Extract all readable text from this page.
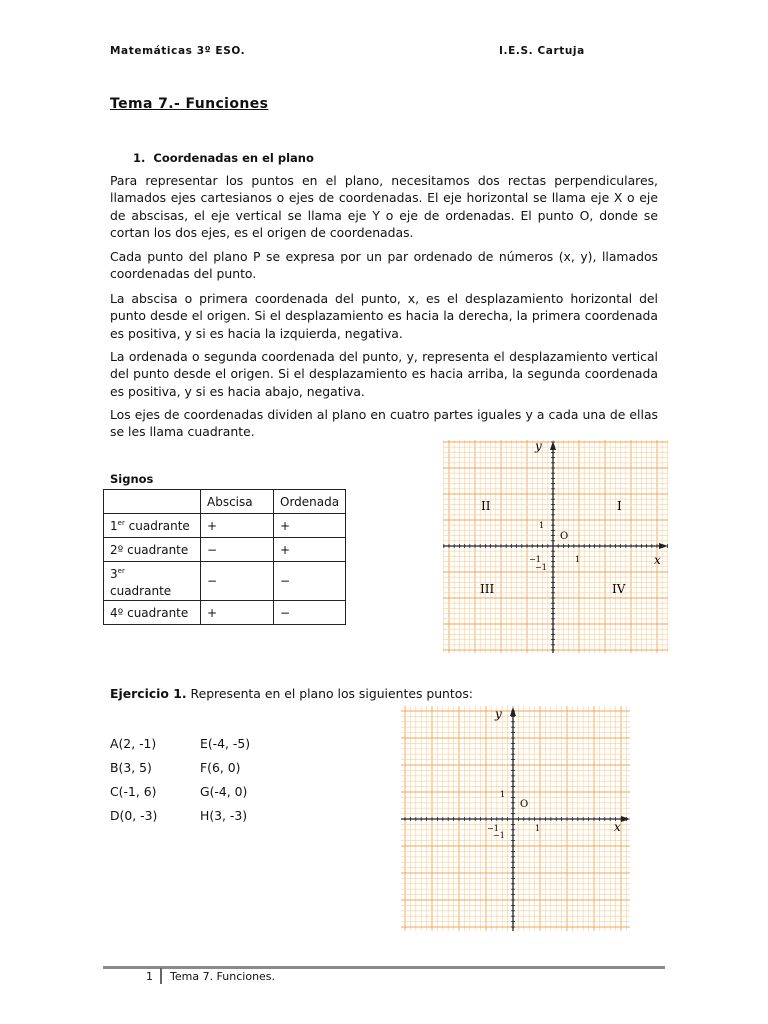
Matemáticas 3º ESO.	I.E.S. Cartuja
Tema 7.- Funciones
1. Coordenadas en el plano
Para representar los puntos en el plano, necesitamos dos rectas perpendiculares, llamados ejes cartesianos o ejes de coordenadas. El eje horizontal se llama eje X o eje de abscisas, el eje vertical se llama eje Y o eje de ordenadas. El punto O, donde se cortan los dos ejes, es el origen de coordenadas.
Cada punto del plano P se expresa por un par ordenado de números (x, y), llamados coordenadas del punto.
La abscisa o primera coordenada del punto, x, es el desplazamiento horizontal del punto desde el origen. Si el desplazamiento es hacia la derecha, la primera coordenada es positiva, y si es hacia la izquierda, negativa.
La ordenada o segunda coordenada del punto, y, representa el desplazamiento vertical del punto desde el origen. Si el desplazamiento es hacia arriba, la segunda coordenada es positiva, y si es hacia abajo, negativa.
Los ejes de coordenadas dividen al plano en cuatro partes iguales y a cada una de ellas se les llama cuadrante.
Signos
	Abscisa	Ordenada
1er cuadrante	+	+
2º cuadrante	−	+
3er
cuadrante	−	−
4º cuadrante	+	−
y
x
O
1
1
−1
−1
I
II
III	IV
Ejercicio 1. Representa en el plano los siguientes puntos:
A(2, -1)
B(3, 5)
C(-1, 6)
D(0, -3)
E(-4, -5)
F(6, 0)
G(-4, 0)
H(3, -3)
y
x
O
1
1
−1
−1
1 Tema 7. Funciones.
